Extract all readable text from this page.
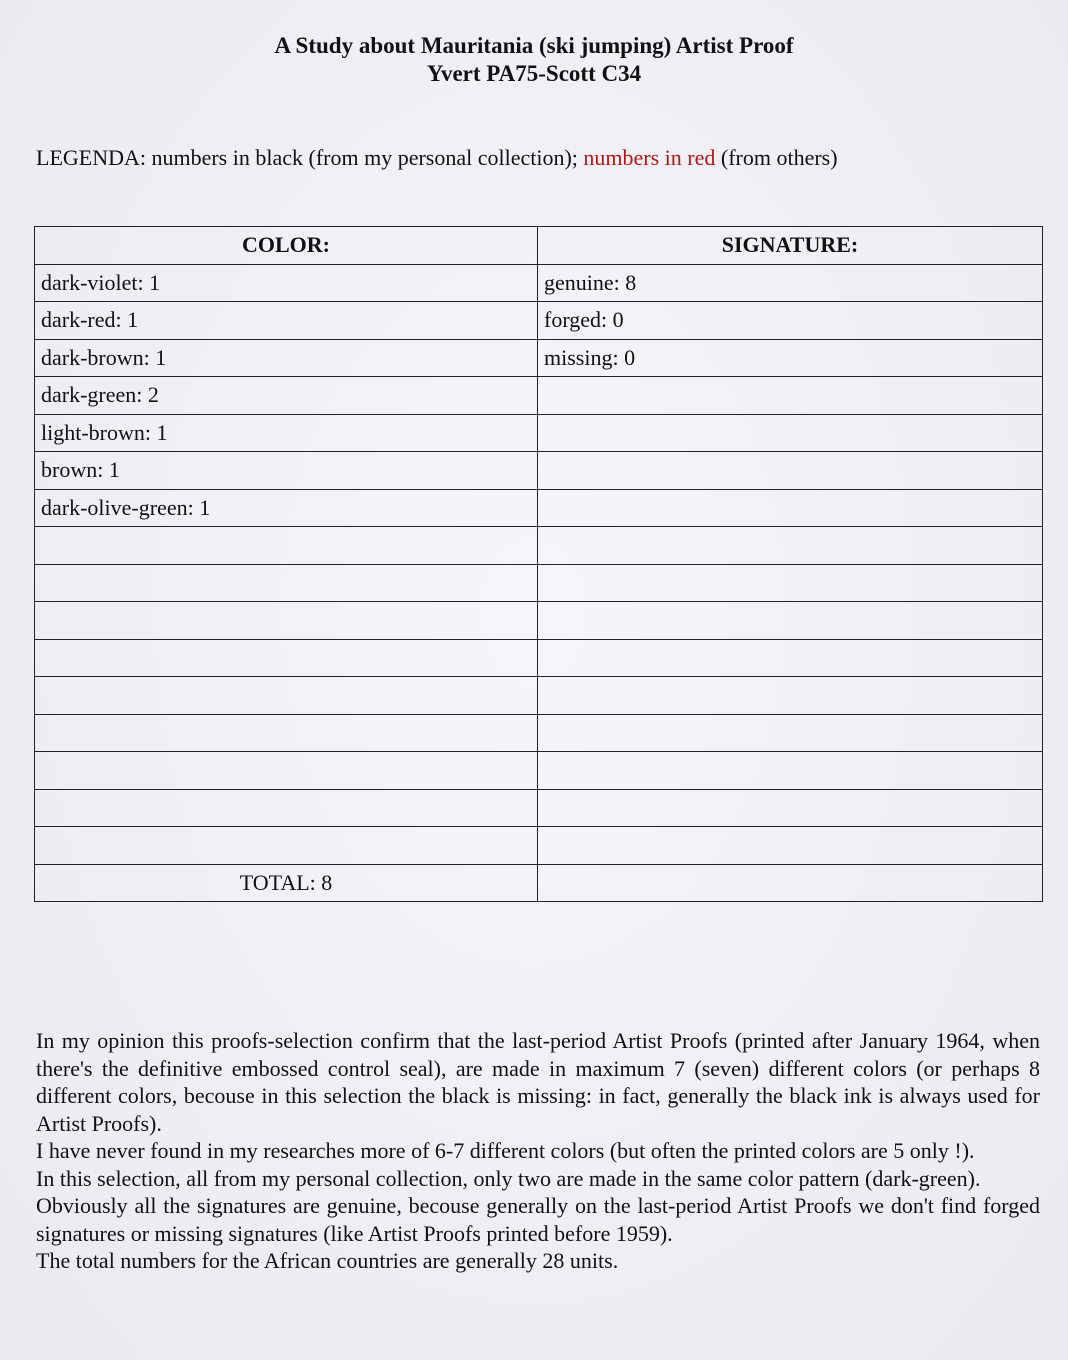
A Study about Mauritania (ski jumping) Artist Proof
Yvert PA75-Scott C34
LEGENDA: numbers in black (from my personal collection); numbers in red (from others)
COLOR:	SIGNATURE:
dark-violet: 1	genuine: 8
dark-red: 1	forged: 0
dark-brown: 1	missing: 0
dark-green: 2	
light-brown: 1	
brown: 1	
dark-olive-green: 1	

TOTAL: 8	

In my opinion this proofs-selection confirm that the last-period Artist Proofs (printed after January 1964, when there's the definitive embossed control seal), are made in maximum 7 (seven) different colors (or perhaps 8 different colors, becouse in this selection the black is missing: in fact, generally the black ink is always used for Artist Proofs).

I have never found in my researches more of 6-7 different colors (but often the printed colors are 5 only !).

In this selection, all from my personal collection, only two are made in the same color pattern (dark-green).

Obviously all the signatures are genuine, becouse generally on the last-period Artist Proofs we don't find forged signatures or missing signatures (like Artist Proofs printed before 1959).

The total numbers for the African countries are generally 28 units.
